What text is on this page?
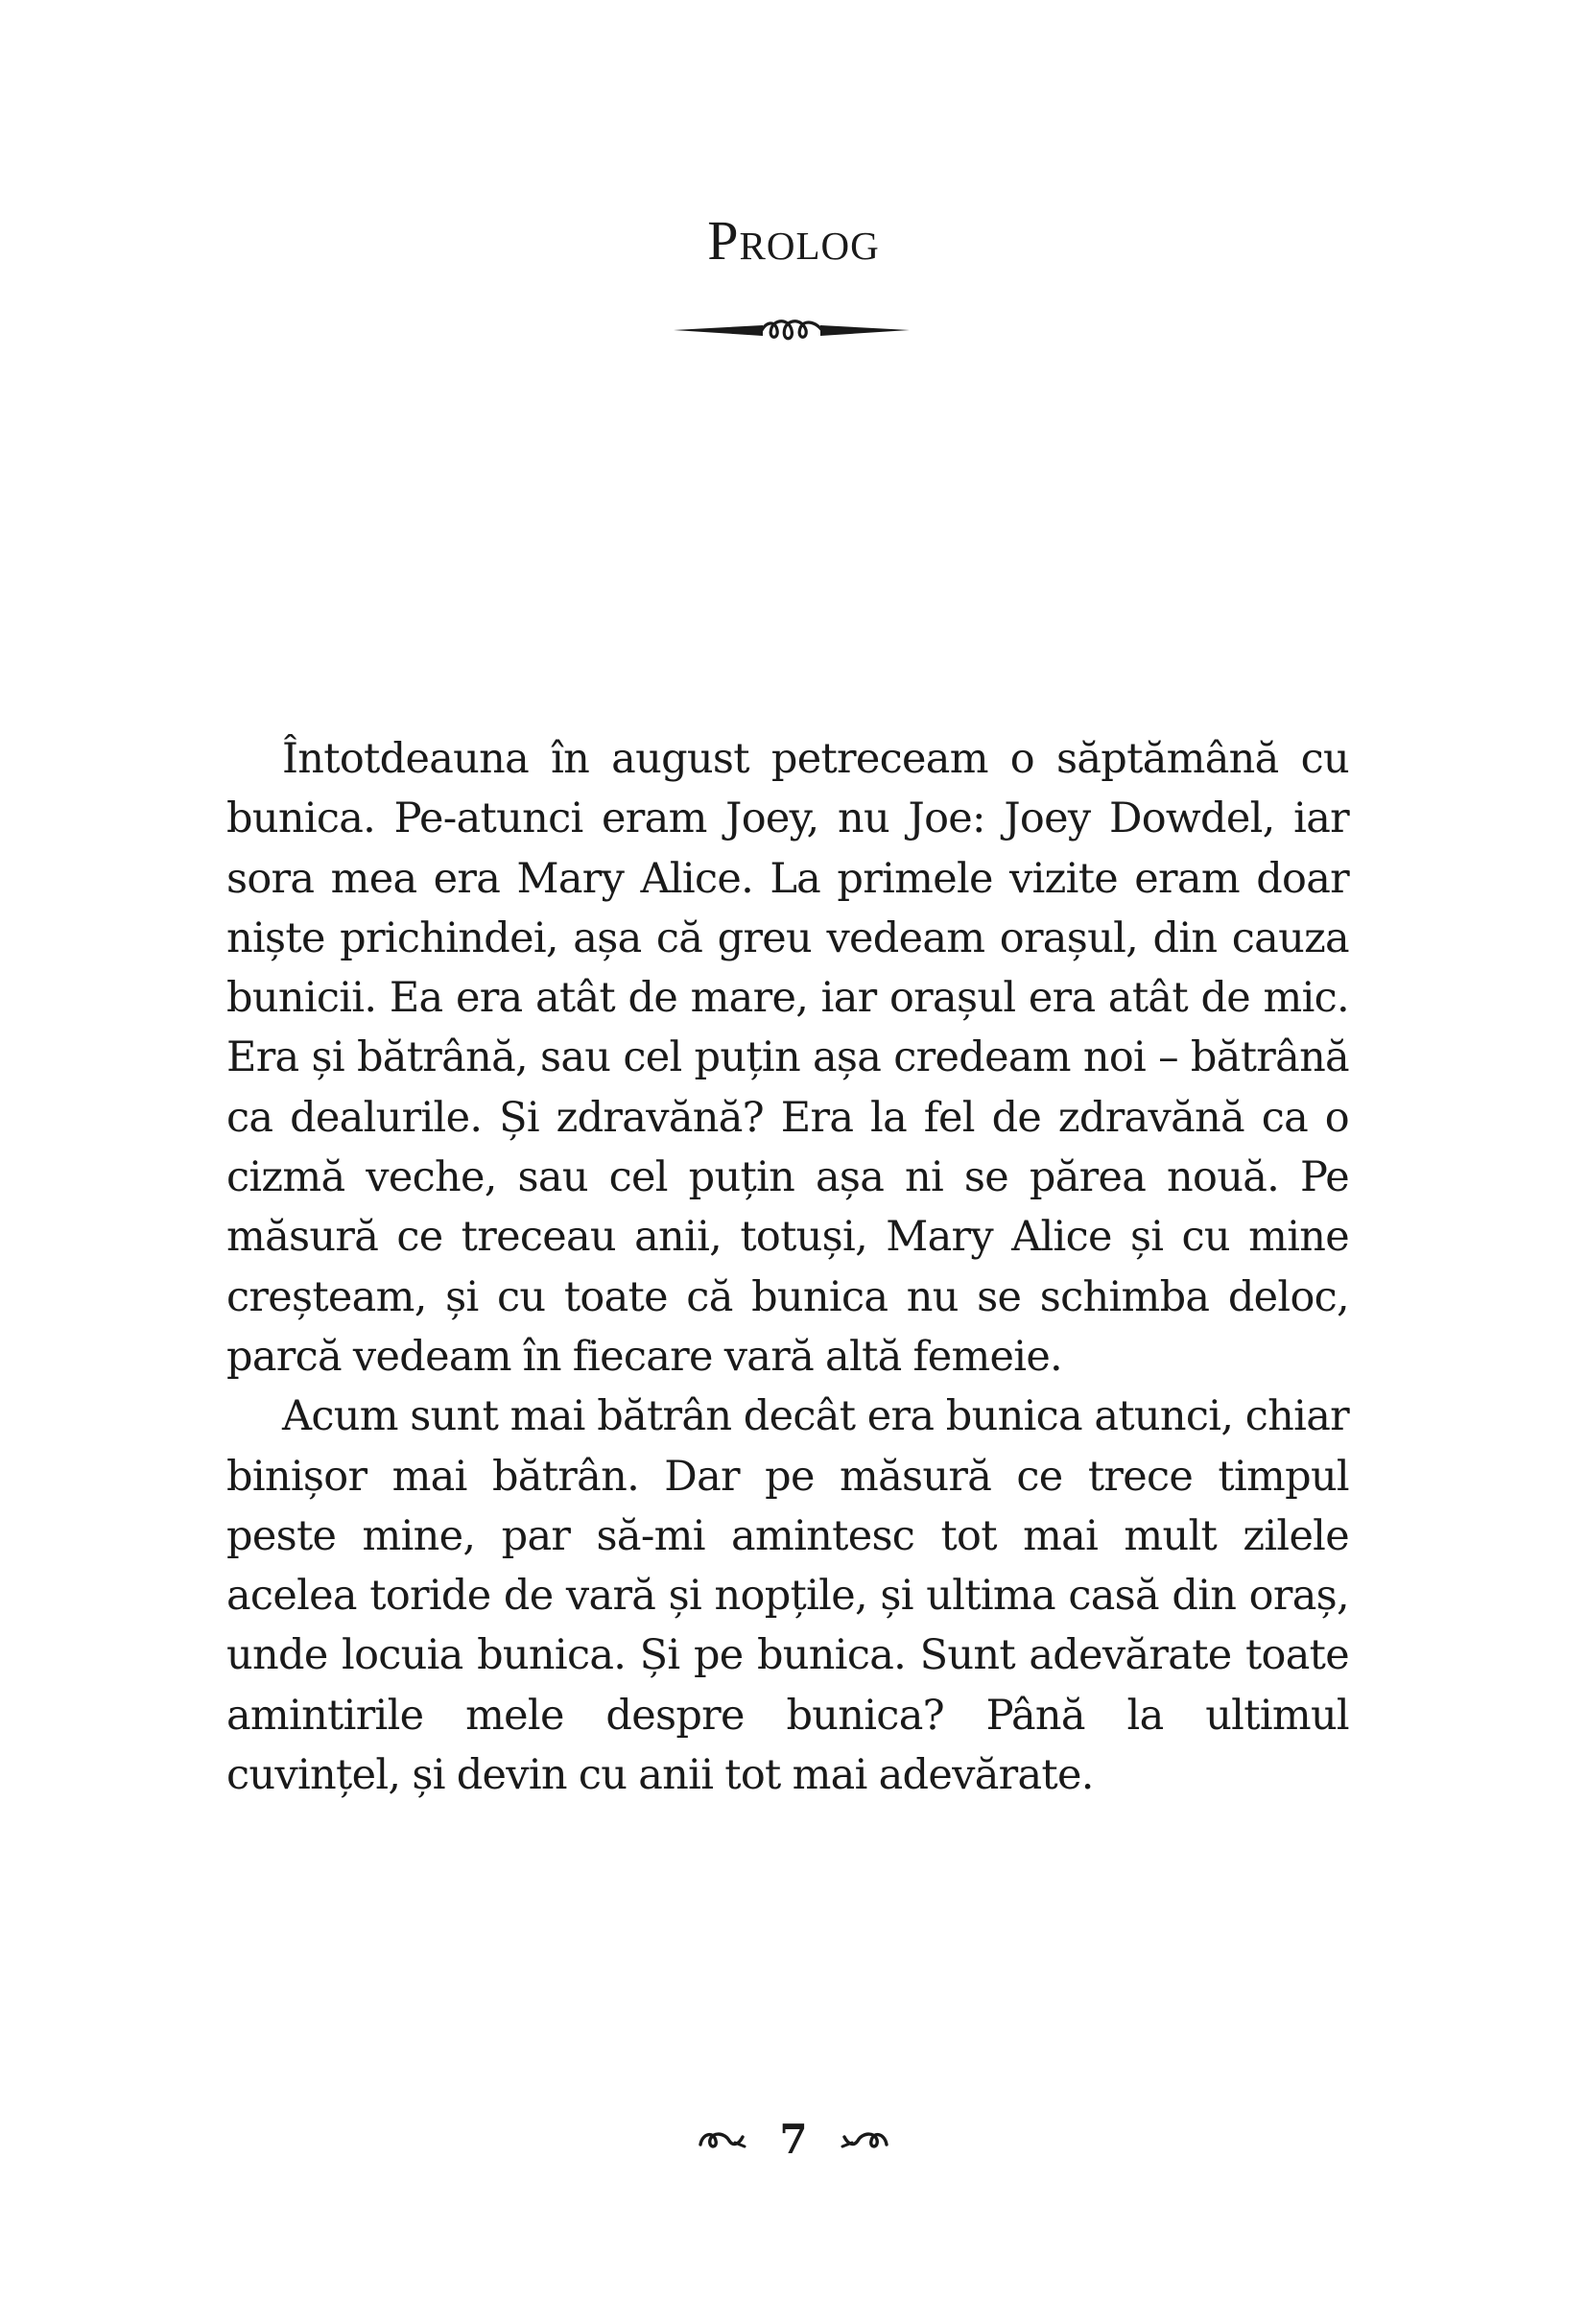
Prolog

Întotdeauna în august petreceam o săptămână cu bunica. Pe-atunci eram Joey, nu Joe: Joey Dowdel, iar sora mea era Mary Alice. La primele vizite eram doar niște prichindei, așa că greu vedeam orașul, din cauza bunicii. Ea era atât de mare, iar orașul era atât de mic. Era și bătrână, sau cel puțin așa credeam noi – bătrână ca dealurile. Și zdravănă? Era la fel de zdravănă ca o cizmă veche, sau cel puțin așa ni se părea nouă. Pe măsură ce treceau anii, totuși, Mary Alice și cu mine creșteam, și cu toate că bunica nu se schimba deloc, parcă vedeam în fiecare vară altă femeie.

Acum sunt mai bătrân decât era bunica atunci, chiar binișor mai bătrân. Dar pe măsură ce trece timpul peste mine, par să-mi amintesc tot mai mult zilele acelea toride de vară și nopțile, și ultima casă din oraș, unde locuia bunica. Și pe bunica. Sunt adevărate toate amintirile mele despre bunica? Până la ultimul cuvințel, și devin cu anii tot mai adevărate.

7
